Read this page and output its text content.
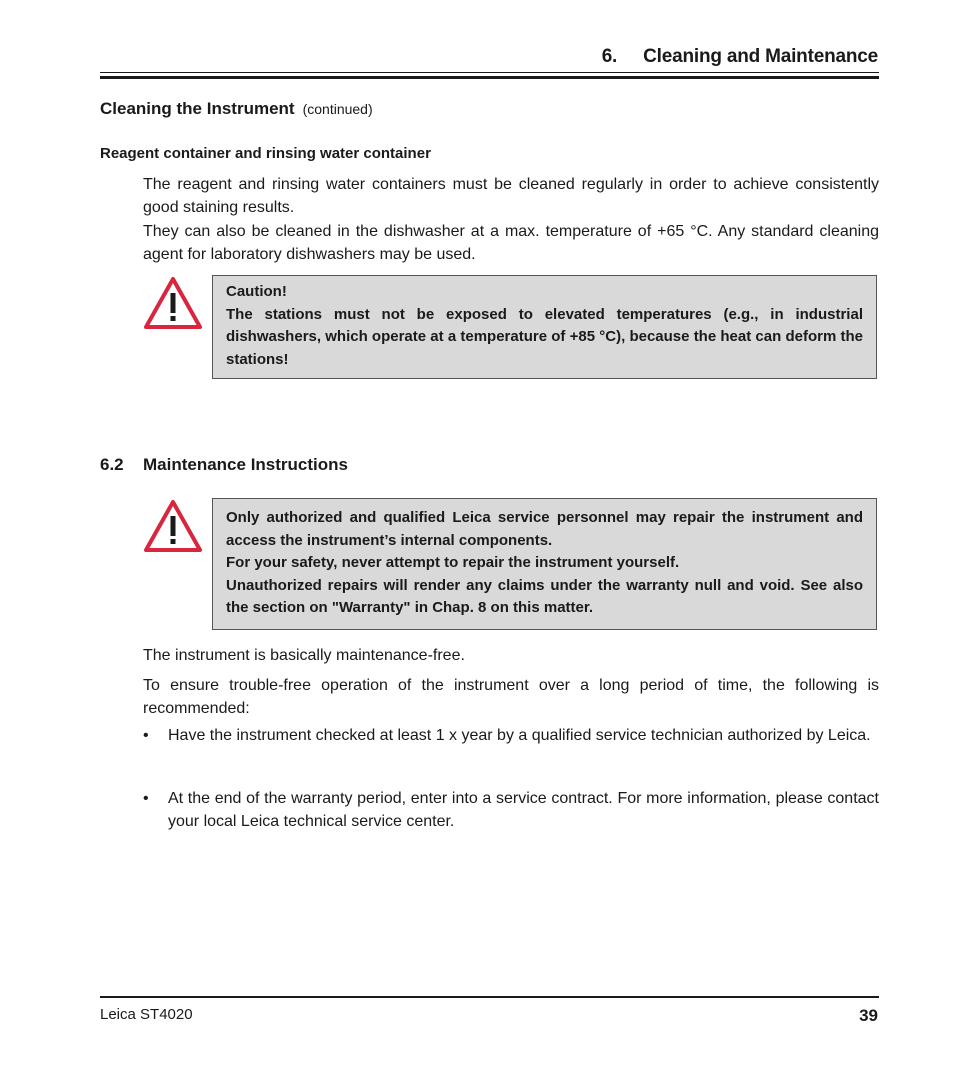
6. Cleaning and Maintenance
Cleaning the Instrument (continued)
Reagent container and rinsing water container
The reagent and rinsing water containers must be cleaned regularly in order to achieve consistently good staining results.
They can also be cleaned in the dishwasher at a max. temperature of +65 °C. Any standard cleaning agent for laboratory dishwashers may be used.

Caution!

The stations must not be exposed to elevated temperatures (e.g., in industrial dishwashers, which operate at a temperature of +85 °C), because the heat can deform the stations!

6.2 Maintenance Instructions

Only authorized and qualified Leica service personnel may repair the instrument and access the instrument’s internal components.

For your safety, never attempt to repair the instrument yourself.

Unauthorized repairs will render any claims under the warranty null and void. See also the section on "Warranty" in Chap. 8 on this matter.

The instrument is basically maintenance-free.
To ensure trouble-free operation of the instrument over a long period of time, the following is recommended:
• Have the instrument checked at least 1 x year by a qualified service technician authorized by Leica.
• At the end of the warranty period, enter into a service contract. For more information, please contact your local Leica technical service center.
Leica ST4020	39
